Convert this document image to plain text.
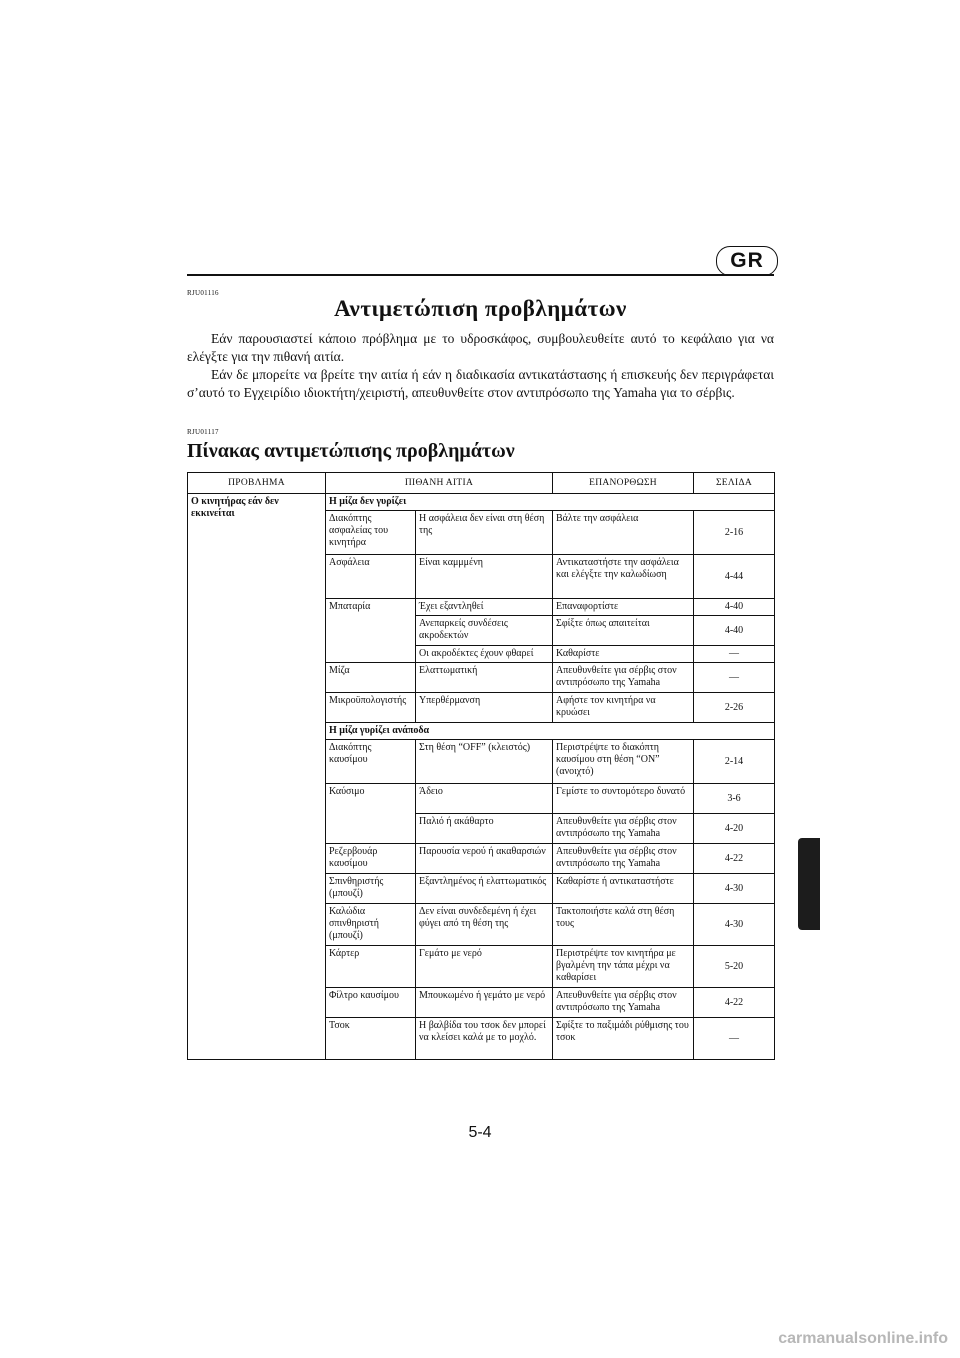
GR
RJU01116
Αντιμετώπιση προβλημάτων

Εάν παρουσιαστεί κάποιο πρόβλημα με το υδροσκάφος, συμβουλευθείτε αυτό το κεφάλαιο για να ελέγξτε για την πιθανή αιτία.

Εάν δε μπορείτε να βρείτε την αιτία ή εάν η διαδικασία αντικατάστασης ή επισκευής δεν περιγράφεται σ’αυτό το Εγχειρίδιο ιδιοκτήτη/χειριστή, απευθυνθείτε στον αντιπρόσωπο της Yamaha για το σέρβις.

RJU01117
Πίνακας αντιμετώπισης προβλημάτων
ΠΡΟΒΛΗΜΑ	ΠΙΘΑΝΗ ΑΙΤΙΑ		ΕΠΑΝΟΡΘΩΣΗ	ΣΕΛΙΔΑ
Ο κινητήρας εάν δεν εκκινείται	Η μίζα δεν γυρίζει			
	Διακόπτης ασφαλείας του κινητήρα	Η ασφάλεια δεν είναι στη θέση της	Βάλτε την ασφάλεια	2-16
	Ασφάλεια	Είναι καμμμένη	Αντικαταστήστε την ασφάλεια και ελέγξτε την καλωδίωση	4-44
	Μπαταρία	Έχει εξαντληθεί	Επαναφορτίστε	4-40
		Ανεπαρκείς συνδέσεις ακροδεκτών	Σφίξτε όπως απαιτείται	4-40
		Οι ακροδέκτες έχουν φθαρεί	Καθαρίστε	—
	Μίζα	Ελαττωματική	Απευθυνθείτε για σέρβις στον αντιπρόσωπο της Yamaha	—
	Μικροϋπολογιστής	Υπερθέρμανση	Αφήστε τον κινητήρα να κρυώσει	2-26
	Η μίζα γυρίζει ανάποδα			
	Διακόπτης καυσίμου	Στη θέση “OFF” (κλειστός)	Περιστρέψτε το διακόπτη καυσίμου στη θέση “ON” (ανοιχτό)	2-14
	Καύσιμο	Άδειο	Γεμίστε το συντομότερο δυνατό	3-6
		Παλιό ή ακάθαρτο	Απευθυνθείτε για σέρβις στον αντιπρόσωπο της Yamaha	4-20
	Ρεζερβουάρ καυσίμου	Παρουσία νερού ή ακαθαρσιών	Απευθυνθείτε για σέρβις στον αντιπρόσωπο της Yamaha	4-22
	Σπινθηριστής (μπουζί)	Εξαντλημένος ή ελαττωματικός	Καθαρίστε ή αντικαταστήστε	4-30
	Καλώδια σπινθηριστή (μπουζί)	Δεν είναι συνδεδεμένη ή έχει φύγει από τη θέση της	Τακτοποιήστε καλά στη θέση τους	4-30
	Κάρτερ	Γεμάτο με νερό	Περιστρέψτε τον κινητήρα με βγαλμένη την τάπα μέχρι να καθαρίσει	5-20
	Φίλτρο καυσίμου	Μπουκωμένο ή γεμάτο με νερό	Απευθυνθείτε για σέρβις στον αντιπρόσωπο της Yamaha	4-22
	Τσοκ	Η βαλβίδα του τσοκ δεν μπορεί να κλείσει καλά με το μοχλό.	Σφίξτε το παξιμάδι ρύθμισης του τσοκ	—
5-4
carmanualsonline.info
